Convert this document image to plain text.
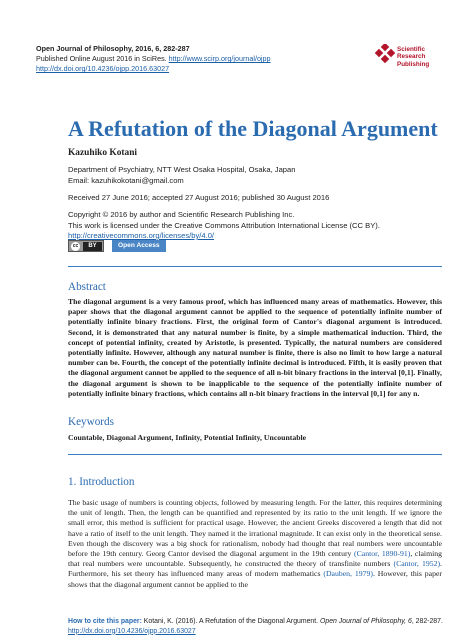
Open Journal of Philosophy, 2016, 6, 282-287
Published Online August 2016 in SciRes. http://www.scirp.org/journal/ojpp
http://dx.doi.org/10.4236/ojpp.2016.63027
Scientific
Research
Publishing
A Refutation of the Diagonal Argument
Kazuhiko Kotani
Department of Psychiatry, NTT West Osaka Hospital, Osaka, Japan
Email: kazuhikokotani@gmail.com
Received 27 June 2016; accepted 27 August 2016; published 30 August 2016
Copyright © 2016 by author and Scientific Research Publishing Inc.
This work is licensed under the Creative Commons Attribution International License (CC BY).
http://creativecommons.org/licenses/by/4.0/
cc	BY	Open Access
Abstract

The diagonal argument is a very famous proof, which has influenced many areas of mathematics. However, this paper shows that the diagonal argument cannot be applied to the sequence of potentially infinite number of potentially infinite binary fractions. First, the original form of Cantor's diagonal argument is introduced. Second, it is demonstrated that any natural number is finite, by a simple mathematical induction. Third, the concept of potential infinity, created by Aristotle, is presented. Typically, the natural numbers are considered potentially infinite. However, although any natural number is finite, there is also no limit to how large a natural number can be. Fourth, the concept of the potentially infinite decimal is introduced. Fifth, it is easily proven that the diagonal argument cannot be applied to the sequence of all n-bit binary fractions in the interval [0,1]. Finally, the diagonal argument is shown to be inapplicable to the sequence of the potentially infinite number of potentially infinite binary fractions, which contains all n-bit binary fractions in the interval [0,1] for any n.

Keywords
Countable, Diagonal Argument, Infinity, Potential Infinity, Uncountable
1. Introduction

The basic usage of numbers is counting objects, followed by measuring length. For the latter, this requires determining the unit of length. Then, the length can be quantified and represented by its ratio to the unit length. If we ignore the small error, this method is sufficient for practical usage. However, the ancient Greeks discovered a length that did not have a ratio of itself to the unit length. They named it the irrational magnitude. It can exist only in the theoretical sense. Even though the discovery was a big shock for rationalism, nobody had thought that real numbers were uncountable before the 19th century. Georg Cantor devised the diagonal argument in the 19th century (Cantor, 1890-91), claiming that real numbers were uncountable. Subsequently, he constructed the theory of transfinite numbers (Cantor, 1952). Furthermore, his set theory has influenced many areas of modern mathematics (Dauben, 1979). However, this paper shows that the diagonal argument cannot be applied to the

How to cite this paper: Kotani, K. (2016). A Refutation of the Diagonal Argument. Open Journal of Philosophy, 6, 282-287.
http://dx.doi.org/10.4236/ojpp.2016.63027
